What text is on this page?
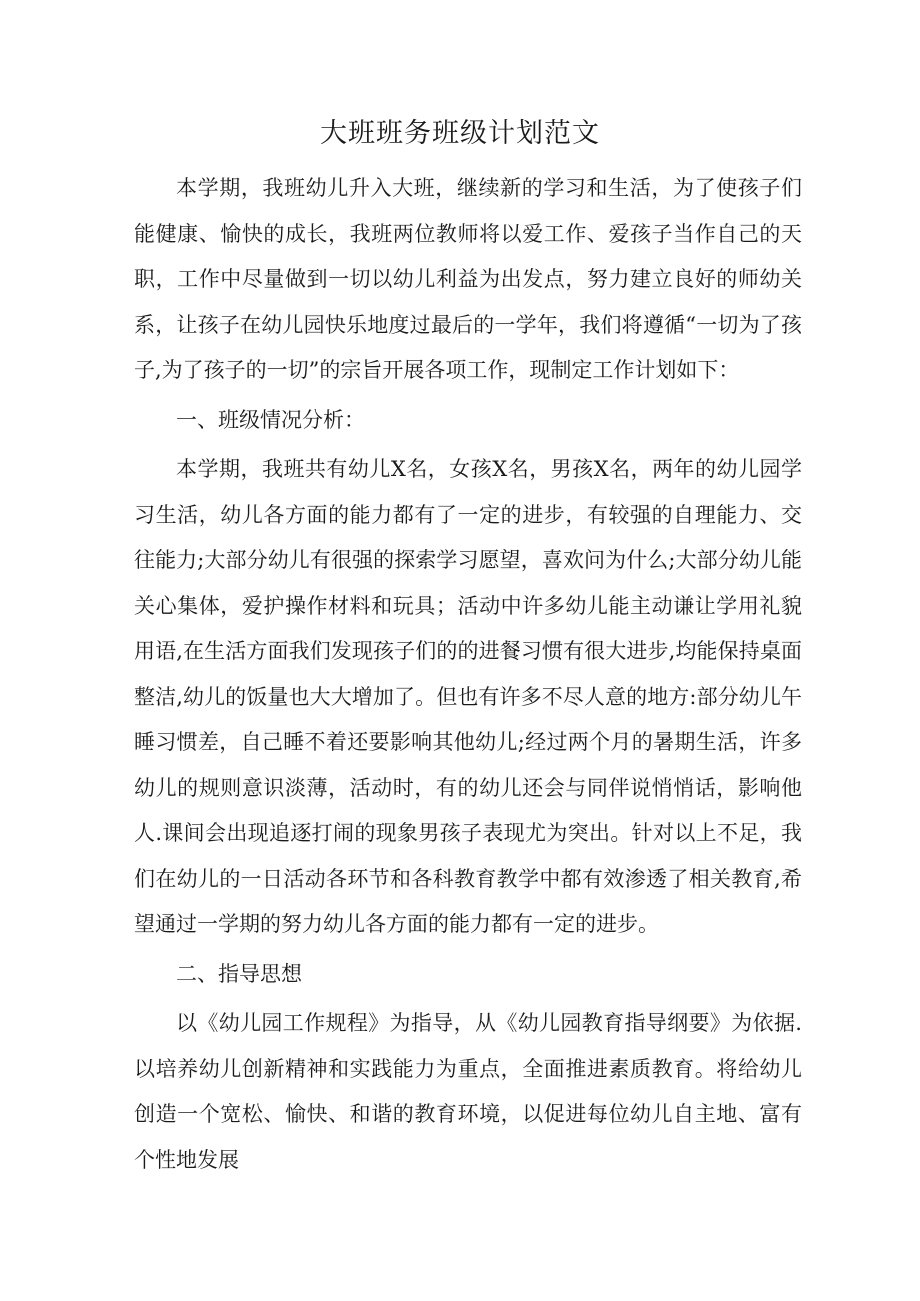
大班班务班级计划范文

本学期，我班幼儿升入大班，继续新的学习和生活，为了使孩子们能健康、愉快的成长，我班两位教师将以爱工作、爱孩子当作自己的天职，工作中尽量做到一切以幼儿利益为出发点，努力建立良好的师幼关系，让孩子在幼儿园快乐地度过最后的一学年，我们将遵循“一切为了孩子,为了孩子的一切”的宗旨开展各项工作，现制定工作计划如下：

一、班级情况分析：

本学期，我班共有幼儿X名，女孩X名，男孩X名，两年的幼儿园学习生活，幼儿各方面的能力都有了一定的进步，有较强的自理能力、交往能力;大部分幼儿有很强的探索学习愿望，喜欢问为什么;大部分幼儿能关心集体，爱护操作材料和玩具；活动中许多幼儿能主动谦让学用礼貌用语,在生活方面我们发现孩子们的的进餐习惯有很大进步,均能保持桌面整洁,幼儿的饭量也大大增加了。但也有许多不尽人意的地方:部分幼儿午睡习惯差，自己睡不着还要影响其他幼儿;经过两个月的暑期生活，许多幼儿的规则意识淡薄，活动时，有的幼儿还会与同伴说悄悄话，影响他人.课间会出现追逐打闹的现象男孩子表现尤为突出。针对以上不足，我们在幼儿的一日活动各环节和各科教育教学中都有效渗透了相关教育,希望通过一学期的努力幼儿各方面的能力都有一定的进步。

二、指导思想

以《幼儿园工作规程》为指导，从《幼儿园教育指导纲要》为依据.以培养幼儿创新精神和实践能力为重点，全面推进素质教育。将给幼儿创造一个宽松、愉快、和谐的教育环境，以促进每位幼儿自主地、富有个性地发展
